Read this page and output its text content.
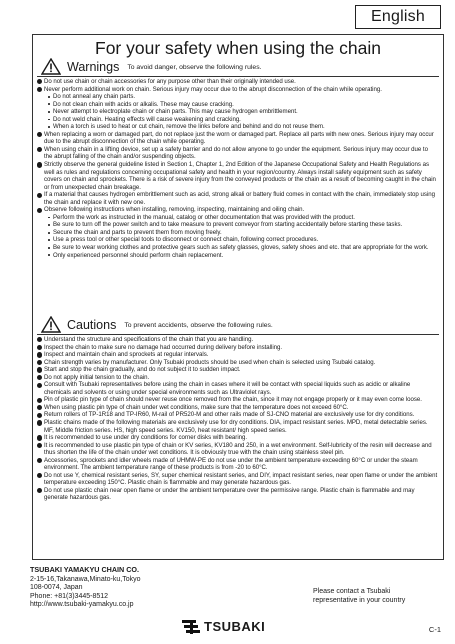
English
For your safety when using the chain
Warnings To avoid danger, observe the following rules.
Do not use chain or chain accessories for any purpose other than their originally intended use.
Never perform additional work on chain. Serious injury may occur due to the abrupt disconnection of the chain while operating.
Do not anneal any chain parts.
Do not clean chain with acids or alkalis. These may cause cracking.
Never attempt to electroplate chain or chain parts. This may cause hydrogen embrittlement.
Do not weld chain. Heating effects will cause weakening and cracking.
When a torch is used to heat or cut chain, remove the links before and behind and do not reuse them.
When replacing a worn or damaged part, do not replace just the worn or damaged part. Replace all parts with new ones. Serious injury may occur due to the abrupt disconnection of the chain while operating.
When using chain in a lifting device, set up a safety barrier and do not allow anyone to go under the equipment. Serious injury may occur due to the abrupt falling of the chain and/or suspending objects.
Strictly observe the general guideline listed in Section 1, Chapter 1, 2nd Edition of the Japanese Occupational Safety and Health Regulations as well as rules and regulations concerning occupational safety and health in your region/country. Always install safety equipment such as safety covers on chain and sprockets. There is a risk of severe injury from the conveyed products or the chain as a result of becoming caught in the chain or from unexpected chain breakage.
If a material that causes hydrogen embrittlement such as acid, strong alkali or battery fluid comes in contact with the chain, immediately stop using the chain and replace it with new one.
Observe following instructions when installing, removing, inspecting, maintaining and oiling chain.
Perform the work as instructed in the manual, catalog or other documentation that was provided with the product.
Be sure to turn off the power switch and to take measure to prevent conveyor from starting accidentally before starting these tasks.
Secure the chain and parts to prevent them from moving freely.
Use a press tool or other special tools to disconnect or connect chain, following correct procedures.
Be sure to wear working clothes and protective gears such as safety glasses, gloves, safety shoes and etc. that are appropriate for the work.
Only experienced personnel should perform chain replacement.
Cautions To prevent accidents, observe the following rules.
Understand the structure and specifications of the chain that you are handling.
Inspect the chain to make sure no damage had occurred during delivery before installing.
Inspect and maintain chain and sprockets at regular intervals.
Chain strength varies by manufacturer. Only Tsubaki products should be used when chain is selected using Tsubaki catalog.
Start and stop the chain gradually, and do not subject it to sudden impact.
Do not apply initial tension to the chain.
Consult with Tsubaki representatives before using the chain in cases where it will be contact with special liquids such as acidic or alkaline chemicals and solvents or using under special environments such as Ultraviolet rays.
Pin of plastic pin type of chain should never reuse once removed from the chain, since it may not engage properly or it may even come loose.
When using plastic pin type of chain under wet conditions, make sure that the temperature does not exceed 60°C.
Return rollers of TP-1R18 and TP-IR60, M-rail of PR520-M and other rails made of SJ-CNO material are exclusively use for dry conditions.
Plastic chains made of the following materials are exclusively use for dry conditions. DIA, impact resistant series. MPD, metal detectable series. MF, Middle friction series. HS, high speed series. KV150, heat resistant/ high speed series.
It is recommended to use under dry conditions for corner disks with bearing.
It is recommended to use plastic pin type of chain or KV series, KV180 and 250, in a wet environment. Self-lubricity of the resin will decrease and thus shorten the life of the chain under wet conditions. It is obviously true with the chain using stainless steel pin.
Accessories, sprockets and idler wheels made of UHMW-PE do not use under the ambient temperature exceeding 60°C or under the steam environment. The ambient temperature range of these products is from -20 to 60°C.
Do not use Y, chemical resistant series, SY, super chemical resistant series, and DIY, impact resistant series, near open flame or under the ambient temperature exceeding 150°C. Plastic chain is flammable and may generate hazardous gas.
Do not use plastic chain near open flame or under the ambient temperature over the permissive range. Plastic chain is flammable and may generate hazardous gas.
TSUBAKI YAMAKYU CHAIN CO.
2-15-16,Takanawa,Minato-ku,Tokyo
108-0074, Japan
Phone: +81(3)3445-8512
http://www.tsubaki-yamakyu.co.jp
Please contact a Tsubaki representative in your country
TSUBAKI	C-1
